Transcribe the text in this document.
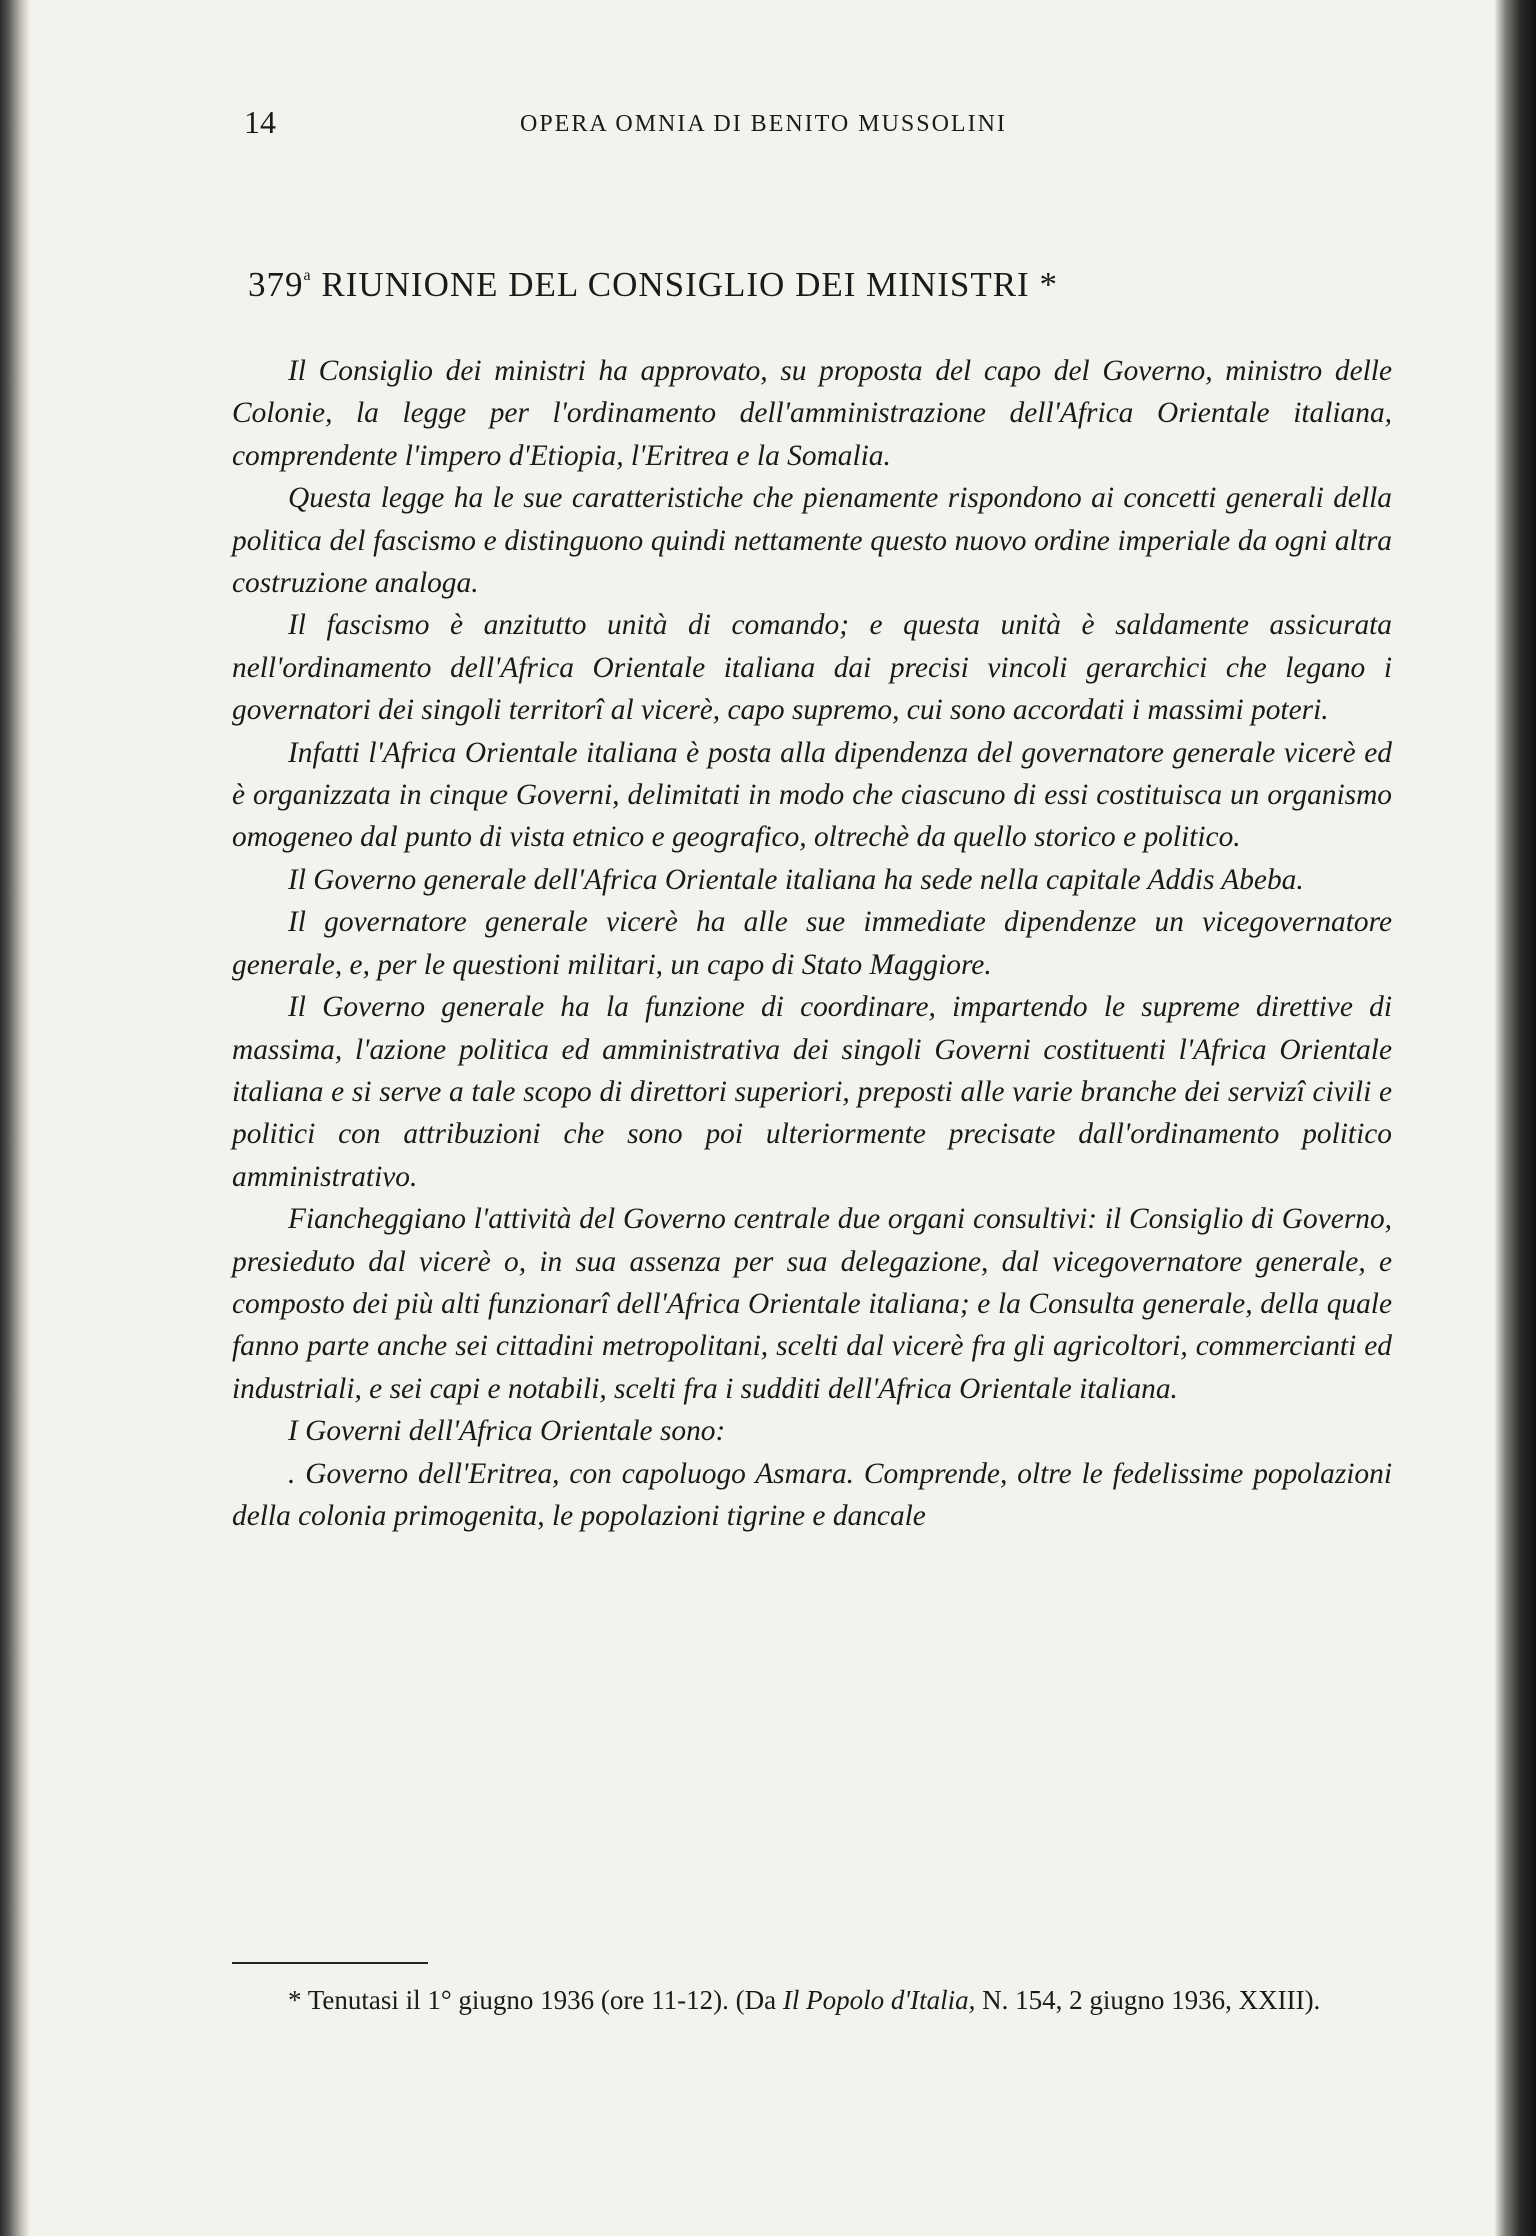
14	OPERA OMNIA DI BENITO MUSSOLINI
379$^a$ RIUNIONE DEL CONSIGLIO DEI MINISTRI *

Il Consiglio dei ministri ha approvato, su proposta del capo del Governo, ministro delle Colonie, la legge per l'ordinamento dell'amministrazione dell'Africa Orientale italiana, comprendente l'impero d'Etiopia, l'Eritrea e la Somalia.

Questa legge ha le sue caratteristiche che pienamente rispondono ai concetti generali della politica del fascismo e distinguono quindi nettamente questo nuovo ordine imperiale da ogni altra costruzione analoga.

Il fascismo è anzitutto unità di comando; e questa unità è saldamente assicurata nell'ordinamento dell'Africa Orientale italiana dai precisi vincoli gerarchici che legano i governatori dei singoli territorî al vicerè, capo supremo, cui sono accordati i massimi poteri.

Infatti l'Africa Orientale italiana è posta alla dipendenza del governatore generale vicerè ed è organizzata in cinque Governi, delimitati in modo che ciascuno di essi costituisca un organismo omogeneo dal punto di vista etnico e geografico, oltrechè da quello storico e politico.

Il Governo generale dell'Africa Orientale italiana ha sede nella capitale Addis Abeba.

Il governatore generale vicerè ha alle sue immediate dipendenze un vicegovernatore generale, e, per le questioni militari, un capo di Stato Maggiore.

Il Governo generale ha la funzione di coordinare, impartendo le supreme direttive di massima, l'azione politica ed amministrativa dei singoli Governi costituenti l'Africa Orientale italiana e si serve a tale scopo di direttori superiori, preposti alle varie branche dei servizî civili e politici con attribuzioni che sono poi ulteriormente precisate dall'ordinamento politico amministrativo.

Fiancheggiano l'attività del Governo centrale due organi consultivi: il Consiglio di Governo, presieduto dal vicerè o, in sua assenza per sua delegazione, dal vicegovernatore generale, e composto dei più alti funzionarî dell'Africa Orientale italiana; e la Consulta generale, della quale fanno parte anche sei cittadini metropolitani, scelti dal vicerè fra gli agricoltori, commercianti ed industriali, e sei capi e notabili, scelti fra i sudditi dell'Africa Orientale italiana.

I Governi dell'Africa Orientale sono:

. Governo dell'Eritrea, con capoluogo Asmara. Comprende, oltre le fedelissime popolazioni della colonia primogenita, le popolazioni tigrine e dancale

* Tenutasi il 1° giugno 1936 (ore 11-12). (Da Il Popolo d'Italia, N. 154, 2 giugno 1936, XXIII).
